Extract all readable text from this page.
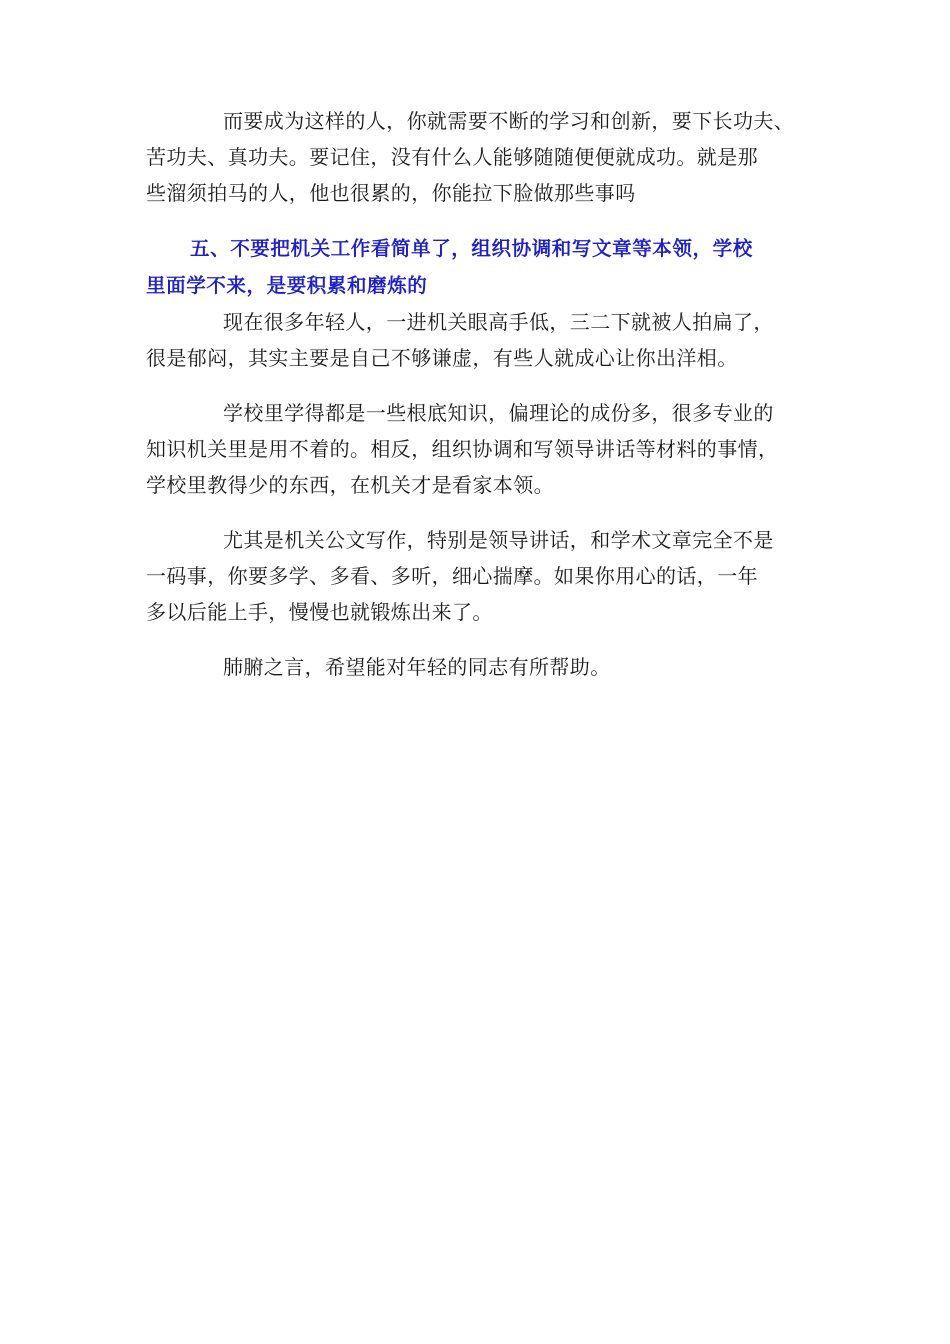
而要成为这样的人，你就需要不断的学习和创新，要下长功夫、
苦功夫、真功夫。要记住，没有什么人能够随随便便就成功。就是那
些溜须拍马的人，他也很累的，你能拉下脸做那些事吗

五、不要把机关工作看简单了，组织协调和写文章等本领，学校
里面学不来，是要积累和磨炼的

现在很多年轻人，一进机关眼高手低，三二下就被人拍扁了，
很是郁闷，其实主要是自己不够谦虚，有些人就成心让你出洋相。

学校里学得都是一些根底知识，偏理论的成份多，很多专业的
知识机关里是用不着的。相反，组织协调和写领导讲话等材料的事情，
学校里教得少的东西，在机关才是看家本领。

尤其是机关公文写作，特别是领导讲话，和学术文章完全不是
一码事，你要多学、多看、多听，细心揣摩。如果你用心的话，一年
多以后能上手，慢慢也就锻炼出来了。

肺腑之言，希望能对年轻的同志有所帮助。
